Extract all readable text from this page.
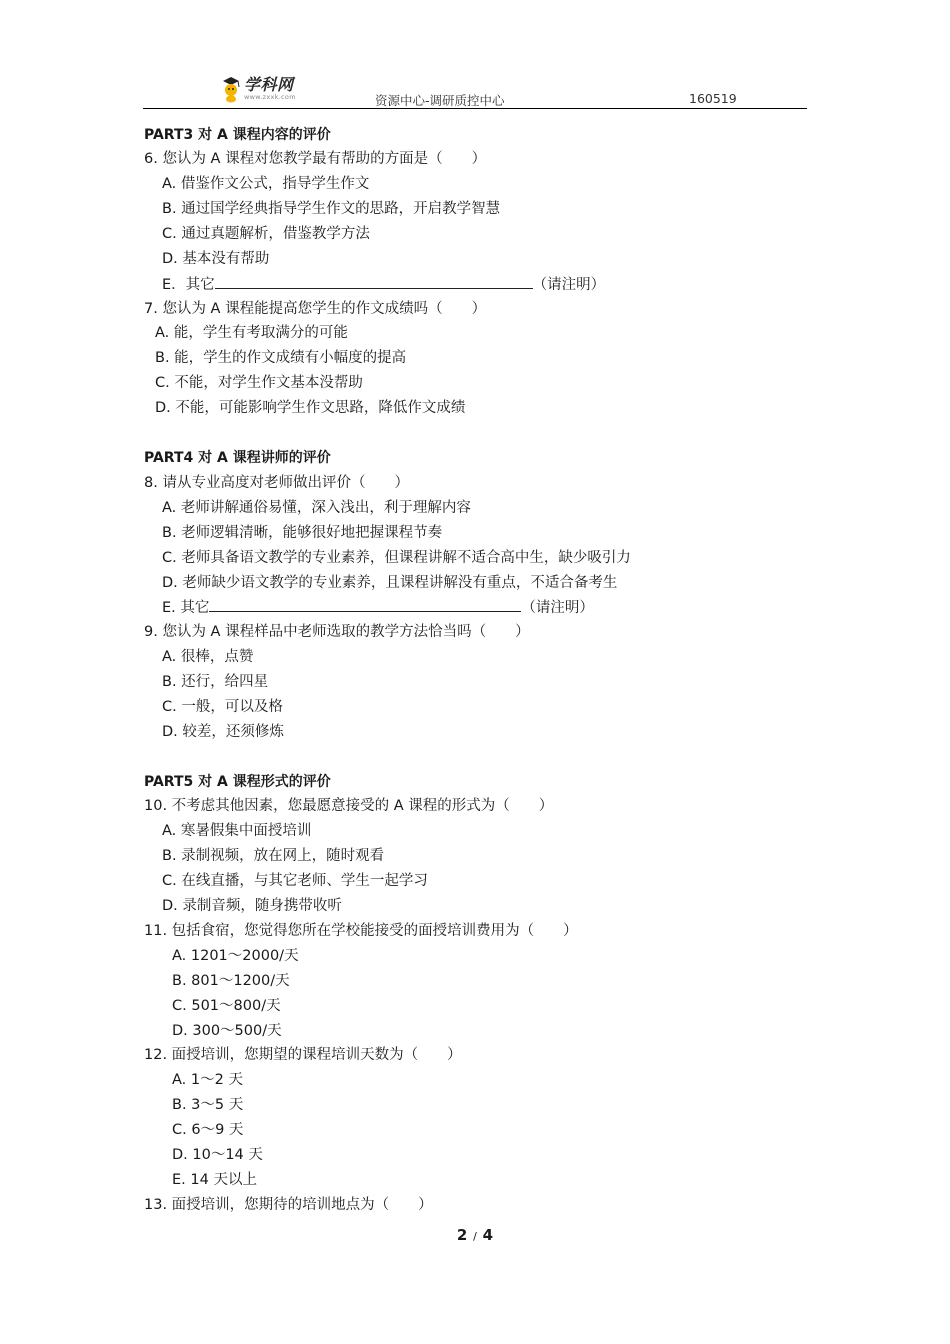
学科网
www.zxxk.com	资源中心-调研质控中心	160519
PART3 对 A 课程内容的评价
6. 您认为 A 课程对您教学最有帮助的方面是（　　）
A. 借鉴作文公式，指导学生作文
B. 通过国学经典指导学生作文的思路，开启教学智慧
C. 通过真题解析，借鉴教学方法
D. 基本没有帮助
E．其它	（请注明）
7. 您认为 A 课程能提高您学生的作文成绩吗（　　）
A. 能，学生有考取满分的可能
B. 能，学生的作文成绩有小幅度的提高
C. 不能，对学生作文基本没帮助
D. 不能，可能影响学生作文思路，降低作文成绩
PART4 对 A 课程讲师的评价
8. 请从专业高度对老师做出评价（　　）
A. 老师讲解通俗易懂，深入浅出，利于理解内容
B. 老师逻辑清晰，能够很好地把握课程节奏
C. 老师具备语文教学的专业素养，但课程讲解不适合高中生，缺少吸引力
D. 老师缺少语文教学的专业素养，且课程讲解没有重点，不适合备考生
E. 其它	（请注明）
9. 您认为 A 课程样品中老师选取的教学方法恰当吗（　　）
A. 很棒，点赞
B. 还行，给四星
C. 一般，可以及格
D. 较差，还须修炼
PART5 对 A 课程形式的评价
10. 不考虑其他因素，您最愿意接受的 A 课程的形式为（　　）
A. 寒暑假集中面授培训
B. 录制视频，放在网上，随时观看
C. 在线直播，与其它老师、学生一起学习
D. 录制音频，随身携带收听
11. 包括食宿，您觉得您所在学校能接受的面授培训费用为（　　）
A. 1201～2000/天
B. 801～1200/天
C. 501～800/天
D. 300～500/天
12. 面授培训，您期望的课程培训天数为（　　）
A. 1～2 天
B. 3～5 天
C. 6～9 天
D. 10～14 天
E. 14 天以上
13. 面授培训，您期待的培训地点为（　　）
2 / 4
